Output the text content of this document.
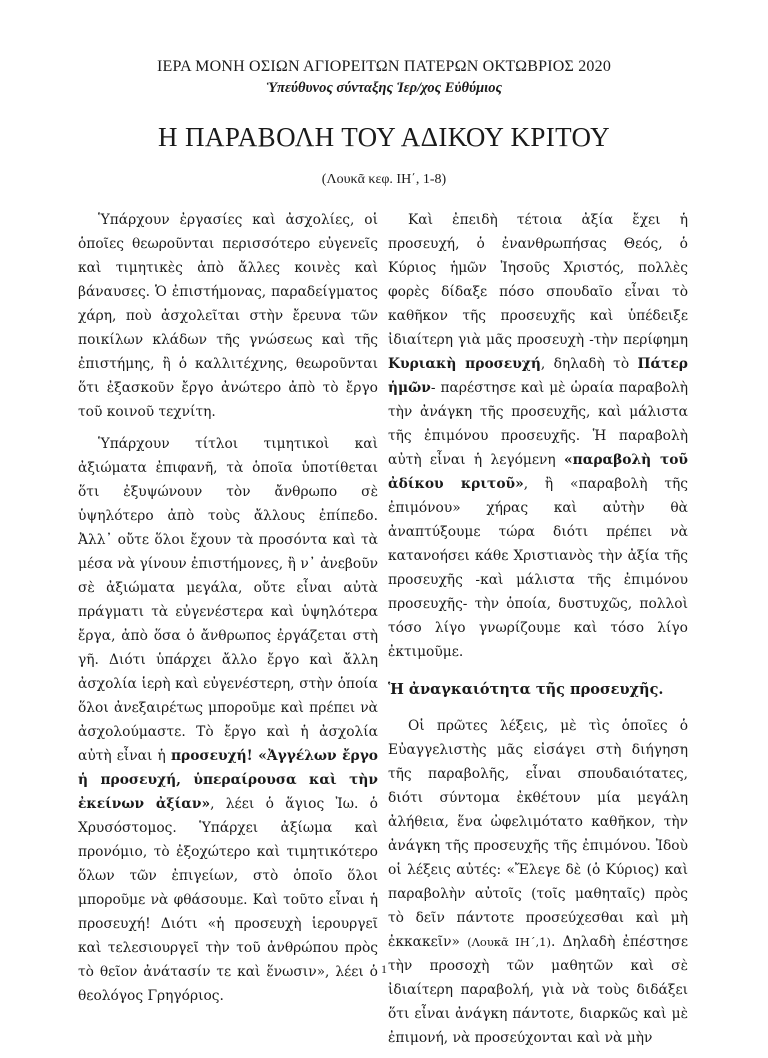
ΙΕΡΑ ΜΟΝΗ ΟΣΙΩΝ ΑΓΙΟΡΕΙΤΩΝ ΠΑΤΕΡΩΝ ΟΚΤΩΒΡΙΟΣ 2020
Ὑπεύθυνος σύνταξης Ἱερ/χος Εὐθύμιος
Η ΠΑΡΑΒΟΛΗ ΤΟΥ ΑΔΙΚΟΥ ΚΡΙΤΟΥ
(Λουκᾶ κεφ. ΙΗ΄, 1-8)

Ὑπάρχουν ἐργασίες καὶ ἀσχολίες, οἱ ὁποῖες θεωροῦνται περισσότερο εὐγενεῖς καὶ τιμητικὲς ἀπὸ ἄλλες κοινὲς καὶ βάναυσες. Ὁ ἐπιστήμονας, παραδείγματος χάρη, ποὺ ἀσχολεῖται στὴν ἔρευνα τῶν ποικίλων κλάδων τῆς γνώσεως καὶ τῆς ἐπιστήμης, ἢ ὁ καλλιτέχνης, θεωροῦνται ὅτι ἐξασκοῦν ἔργο ἀνώτερο ἀπὸ τὸ ἔργο τοῦ κοινοῦ τεχνίτη.

Ὑπάρχουν τίτλοι τιμητικοὶ καὶ ἀξιώματα ἐπιφανῆ, τὰ ὁποῖα ὑποτίθεται ὅτι ἐξυψώνουν τὸν ἄνθρωπο σὲ ὑψηλότερο ἀπὸ τοὺς ἄλλους ἐπίπεδο. Ἀλλ᾽ οὔτε ὅλοι ἔχουν τὰ προσόντα καὶ τὰ μέσα νὰ γίνουν ἐπιστήμονες, ἢ ν᾽ ἀνεβοῦν σὲ ἀξιώματα μεγάλα, οὔτε εἶναι αὐτὰ πράγματι τὰ εὐγενέστερα καὶ ὑψηλότερα ἔργα, ἀπὸ ὅσα ὁ ἄνθρωπος ἐργάζεται στὴ γῆ. Διότι ὑπάρχει ἄλλο ἔργο καὶ ἄλλη ἀσχολία ἱερὴ καὶ εὐγενέστερη, στὴν ὁποία ὅλοι ἀνεξαιρέτως μποροῦμε καὶ πρέπει νὰ ἀσχολούμαστε. Τὸ ἔργο καὶ ἡ ἀσχολία αὐτὴ εἶναι ἡ προσευχή! «Ἀγγέλων ἔργο ἡ προσευχή, ὑπεραίρουσα καὶ τὴν ἐκείνων ἀξίαν», λέει ὁ ἅγιος Ἰω. ὁ Χρυσόστομος. Ὑπάρχει ἀξίωμα καὶ προνόμιο, τὸ ἐξοχώτερο καὶ τιμητικότερο ὅλων τῶν ἐπιγείων, στὸ ὁποῖο ὅλοι μποροῦμε νὰ φθάσουμε. Καὶ τοῦτο εἶναι ἡ προσευχή! Διότι «ἡ προσευχὴ ἱερουργεῖ καὶ τελεσιουργεῖ τὴν τοῦ ἀνθρώπου πρὸς τὸ θεῖον ἀνάτασίν τε καὶ ἕνωσιν», λέει ὁ θεολόγος Γρηγόριος.

Καὶ ἐπειδὴ τέτοια ἀξία ἔχει ἡ προσευχή, ὁ ἐνανθρωπήσας Θεός, ὁ Κύριος ἡμῶν Ἰησοῦς Χριστός, πολλὲς φορὲς δίδαξε πόσο σπουδαῖο εἶναι τὸ καθῆκον τῆς προσευχῆς καὶ ὑπέδειξε ἰδιαίτερη γιὰ μᾶς προσευχὴ -τὴν περίφημη Κυριακὴ προσευχή, δηλαδὴ τὸ Πάτερ ἡμῶν- παρέστησε καὶ μὲ ὡραία παραβολὴ τὴν ἀνάγκη τῆς προσευχῆς, καὶ μάλιστα τῆς ἐπιμόνου προσευχῆς. Ἡ παραβολὴ αὐτὴ εἶναι ἡ λεγόμενη «παραβολὴ τοῦ ἀδίκου κριτοῦ», ἢ «παραβολὴ τῆς ἐπιμόνου» χήρας καὶ αὐτὴν θὰ ἀναπτύξουμε τώρα διότι πρέπει νὰ κατανοήσει κάθε Χριστιανὸς τὴν ἀξία τῆς προσευχῆς -καὶ μάλιστα τῆς ἐπιμόνου προσευχῆς- τὴν ὁποία, δυστυχῶς, πολλοὶ τόσο λίγο γνωρίζουμε καὶ τόσο λίγο ἐκτιμοῦμε.

Ἡ ἀναγκαιότητα τῆς προσευχῆς.

Οἱ πρῶτες λέξεις, μὲ τὶς ὁποῖες ὁ Εὐαγγελιστὴς μᾶς εἰσάγει στὴ διήγηση τῆς παραβολῆς, εἶναι σπουδαιότατες, διότι σύντομα ἐκθέτουν μία μεγάλη ἀλήθεια, ἕνα ὠφελιμότατο καθῆκον, τὴν ἀνάγκη τῆς προσευχῆς τῆς ἐπιμόνου. Ἰδοὺ οἱ λέξεις αὐτές: «Ἔλεγε δὲ (ὁ Κύριος) καὶ παραβολὴν αὐτοῖς (τοῖς μαθηταῖς) πρὸς τὸ δεῖν πάντοτε προσεύχεσθαι καὶ μὴ ἐκκακεῖν» (Λουκᾶ ΙΗ΄,1). Δηλαδὴ ἐπέστησε τὴν προσοχὴ τῶν μαθητῶν καὶ σὲ ἰδιαίτερη παραβολή, γιὰ νὰ τοὺς διδάξει ὅτι εἶναι ἀνάγκη πάντοτε, διαρκῶς καὶ μὲ ἐπιμονή, νὰ προσεύχονται καὶ νὰ μὴν

1
